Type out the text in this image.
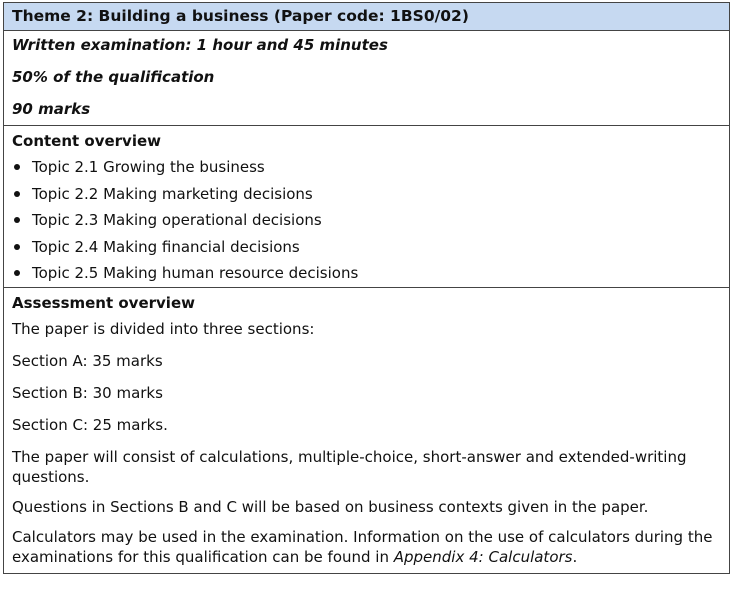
Theme 2: Building a business (Paper code: 1BS0/02)

Written examination: 1 hour and 45 minutes
50% of the qualification
90 marks

Content overview
Topic 2.1 Growing the business
Topic 2.2 Making marketing decisions
Topic 2.3 Making operational decisions
Topic 2.4 Making financial decisions
Topic 2.5 Making human resource decisions

Assessment overview
The paper is divided into three sections:
Section A: 35 marks
Section B: 30 marks
Section C: 25 marks.
The paper will consist of calculations, multiple-choice, short-answer and extended-writing questions.
Questions in Sections B and C will be based on business contexts given in the paper.
Calculators may be used in the examination. Information on the use of calculators during the examinations for this qualification can be found in Appendix 4: Calculators.
